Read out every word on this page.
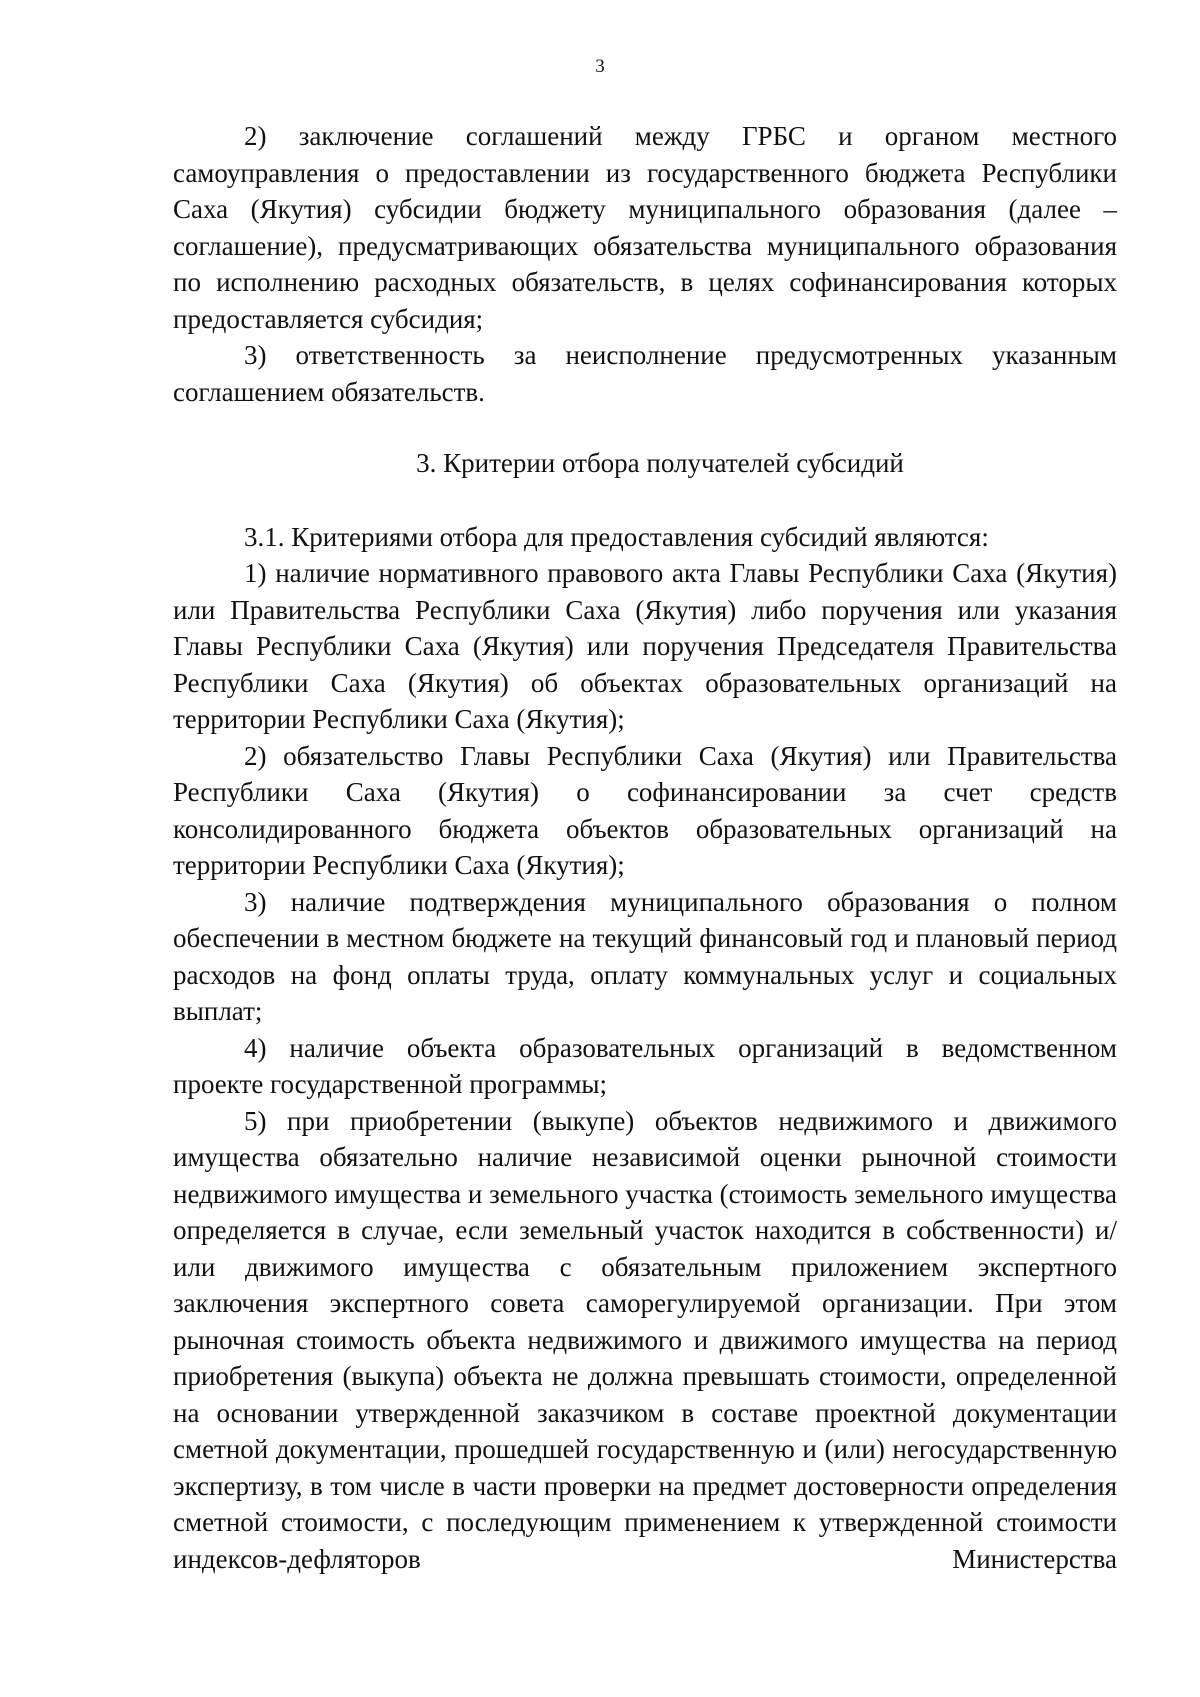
3

2) заключение соглашений между ГРБС и органом местного самоуправления о предоставлении из государственного бюджета Республики Саха (Якутия) субсидии бюджету муниципального образования (далее – соглашение), предусматривающих обязательства муниципального образования по исполнению расходных обязательств, в целях софинансирования которых предоставляется субсидия;

3) ответственность за неисполнение предусмотренных указанным соглашением обязательств.

3. Критерии отбора получателей субсидий

3.1. Критериями отбора для предоставления субсидий являются:

1) наличие нормативного правового акта Главы Республики Саха (Якутия) или Правительства Республики Саха (Якутия) либо поручения или указания Главы Республики Саха (Якутия) или поручения Председателя Правительства Республики Саха (Якутия) об объектах образовательных организаций на территории Республики Саха (Якутия);

2) обязательство Главы Республики Саха (Якутия) или Правительства Республики Саха (Якутия) о софинансировании за счет средств консолидированного бюджета объектов образовательных организаций на территории Республики Саха (Якутия);

3) наличие подтверждения муниципального образования о полном обеспечении в местном бюджете на текущий финансовый год и плановый период расходов на фонд оплаты труда, оплату коммунальных услуг и социальных выплат;

4) наличие объекта образовательных организаций в ведомственном проекте государственной программы;

5) при приобретении (выкупе) объектов недвижимого и движимого имущества обязательно наличие независимой оценки рыночной стоимости недвижимого имущества и земельного участка (стоимость земельного имущества определяется в случае, если земельный участок находится в собственности) и/или движимого имущества с обязательным приложением экспертного заключения экспертного совета саморегулируемой организации. При этом рыночная стоимость объекта недвижимого и движимого имущества на период приобретения (выкупа) объекта не должна превышать стоимости, определенной на основании утвержденной заказчиком в составе проектной документации сметной документации, прошедшей государственную и (или) негосударственную экспертизу, в том числе в части проверки на предмет достоверности определения сметной стоимости, с последующим применением к утвержденной стоимости индексов-дефляторов Министерства
